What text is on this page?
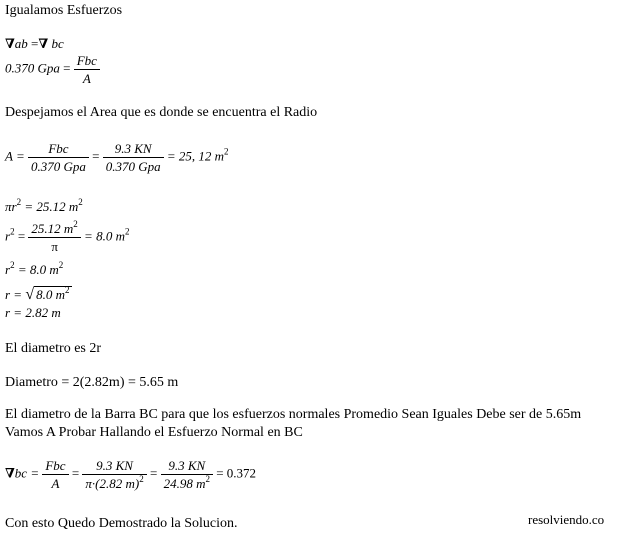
Igualamos Esfuerzos
∇ab =∇ bc
0.370 Gpa = $\frac{\text{Fbc}}{A}$
Despejamos el Area que es donde se encuentra el Radio
$A = \frac{\text{Fbc}}{\text{0.370 Gpa}} = \frac{9.3 KN}{\text{0.370 Gpa}} = 25$, 12 $m^2$
$\pi r^2 = 25.12$ $m^2$
$r^2 = \frac{25.12 m^2}{\pi} = 8.0$ $m^2$
$r^2 = 8.0$ $m^2$
r = √8.0 $m^2$
r = 2.82 m
El diametro es 2r
Diametro = 2(2.82m) = 5.65 m
El diametro de la Barra BC para que los esfuerzos normales Promedio Sean Iguales Debe ser de 5.65m
Vamos A Probar Hallando el Esfuerzo Normal en BC
$\nabla bc = \frac{\text{Fbc}}{A} = \frac{9.3 KN}{\pi\cdot(2.82 m)^2} = \frac{9.3 KN}{24.98 m^2} = 0.372$
Con esto Quedo Demostrado la Solucion.	resolviendo.co
